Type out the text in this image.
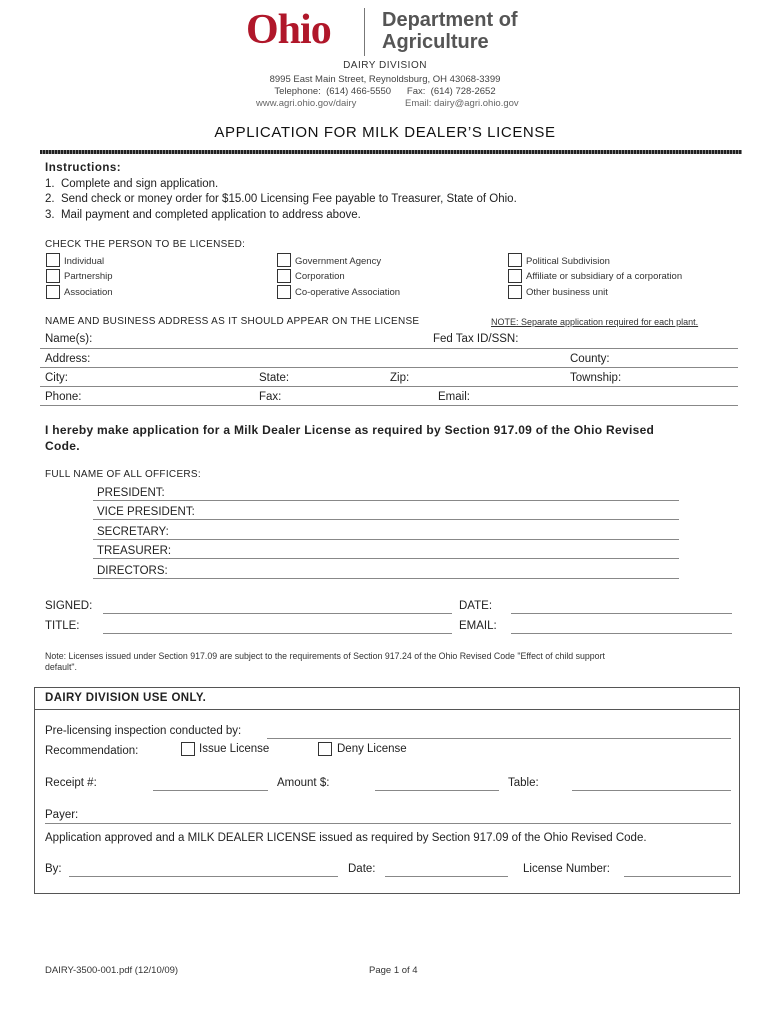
Ohio	Department of
Agriculture
DAIRY DIVISION
8995 East Main Street, Reynoldsburg, OH 43068-3399
Telephone:  (614) 466-5550      Fax:  (614) 728-2652
www.agri.ohio.gov/dairy	Email: dairy@agri.ohio.gov
APPLICATION FOR MILK DEALER’S LICENSE
Instructions:
1.  Complete and sign application.
2.  Send check or money order for $15.00 Licensing Fee payable to Treasurer, State of Ohio.
3.  Mail payment and completed application to address above.
CHECK THE PERSON TO BE LICENSED:
Individual
Partnership
Association
Government Agency
Corporation
Co-operative Association
Political Subdivision
Affiliate or subsidiary of a corporation
Other business unit
NAME AND BUSINESS ADDRESS AS IT SHOULD APPEAR ON THE LICENSE	NOTE: Separate application required for each plant.
Name(s):	Fed Tax ID/SSN:
Address:	County:
City:	State:	Zip:	Township:
Phone:	Fax:	Email:
I hereby make application for a Milk Dealer License as required by Section 917.09 of the Ohio Revised
Code.
FULL NAME OF ALL OFFICERS:
PRESIDENT:
VICE PRESIDENT:
SECRETARY:
TREASURER:
DIRECTORS:
SIGNED:	DATE:
TITLE:	EMAIL:
Note: Licenses issued under Section 917.09 are subject to the requirements of Section 917.24 of the Ohio Revised Code "Effect of child support
default".
DAIRY DIVISION USE ONLY.
Pre-licensing inspection conducted by:
Recommendation:	Issue License	Deny License
Receipt #:	Amount $:	Table:
Payer:
Application approved and a MILK DEALER LICENSE issued as required by Section 917.09 of the Ohio Revised Code.
By:	Date:	License Number:
DAIRY-3500-001.pdf (12/10/09)	Page 1 of 4
